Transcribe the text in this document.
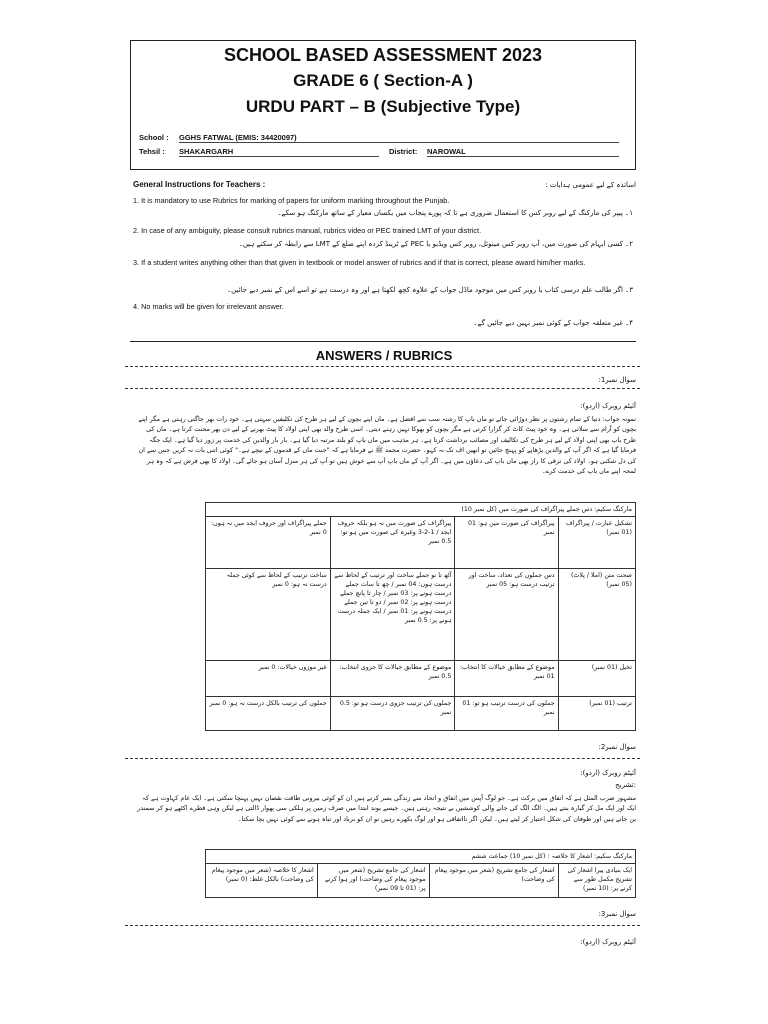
SCHOOL BASED ASSESSMENT 2023
GRADE 6 ( Section-A )
URDU PART – B (Subjective Type)
School : GGHS FATWAL (EMIS: 34420097)
Tehsil : SHAKARGARH	District: NAROWAL
General Instructions for Teachers :	اساتذہ کے لیے عمومی ہدایات :
1. It is mandatory to use Rubrics for marking of papers for uniform marking throughout the Punjab.
۱۔ پیپر کی مارکنگ کے لیے روبر کس کا استعمال ضروری ہے تا کہ پورے پنجاب میں یکساں معیار کے ساتھ مارکنگ ہو سکے۔
2. In case of any ambiguity, please consult rubrics manual, rubrics video or PEC trained LMT of your district.
۲۔ کسی ابہام کی صورت میں، آپ روبر کس مینوئل، روبر کس ویڈیو یا PEC کے ٹرینڈ کردہ اپنے ضلع کے LMT سے رابطہ کر سکتے ہیں۔
3. If a student writes anything other than that given in textbook or model answer of rubrics and if that is correct, please award him/her marks.
۳۔ اگر طالب علم درسی کتاب یا روبر کس میں موجود ماڈل جواب کے علاوہ کچھ لکھتا ہے اور وہ درست ہے تو اسے اس کے نمبر دیے جائیں۔
4. No marks will be given for irrelevant answer.
۴۔ غیر متعلقہ جواب کے کوئی نمبر نہیں دیے جائیں گے۔
ANSWERS / RUBRICS
سوال نمبر1:
آئیٹم روبرک (اردو):
نمونہ جواب: دنیا کے تمام رشتوں پر نظر دوڑائی جائے تو ماں باپ کا رشتہ سب سے افضل ہے۔ ماں اپنے بچوں کے لیے ہر طرح کی تکلیفیں سہتی ہے۔ خود رات بھر جاگتی رہتی ہے مگر اپنے بچوں کو آرام سے سلاتی ہے۔ وہ خود پیٹ کاٹ کر گزارا کرتی ہے مگر بچوں کو بھوکا نہیں رہنے دیتی۔ اسی طرح والد بھی اپنی اولاد کا پیٹ بھرنے کے لیے دن بھر محنت کرتا ہے۔ ماں کی طرح باپ بھی اپنی اولاد کے لیے ہر طرح کی تکالیف اور مصائب برداشت کرتا ہے۔ ہر مذہب میں ماں باپ کو بلند مرتبہ دیا گیا ہے۔ بار بار والدین کی خدمت پر زور دیا گیا ہے۔ ایک جگہ فرمایا گیا ہے کہ اگر آپ کے والدین بڑھاپے کو پہنچ جائیں تو انھیں اف تک نہ کہو۔ حضرت محمد ﷺ نے فرمایا ہے کہ "جنت ماں کے قدموں کے نیچے ہے۔" کوئی اتنی بات نہ کریں جس سے ان کی دل شکنی ہو۔ اولاد کی ترقی کا راز بھی ماں باپ کی دعاؤں میں ہے۔ اگر آپ کے ماں باپ آپ سے خوش ہیں تو آپ کی ہر منزل آسان ہو جائے گی۔ اولاد کا بھی فرض ہے کہ وہ ہر لمحہ اپنے ماں باپ کی خدمت کرے۔
مارکنگ سکیم: دس جملے پیراگراف کی صورت میں (کل نمبر 10)			
تشکیل عبارت / پیراگراف (01 نمبر)	پیراگراف کی صورت میں ہو: 01 نمبر	پیراگراف کی صورت میں نہ ہو بلکہ حروف ابجد / 1-2-3 وغیرہ کی صورت میں ہو تو: 0.5 نمبر	جملے پیراگراف اور حروف ابجد میں نہ ہوں: 0 نمبر
صحت متن (املا / پلاٹ) (05 نمبر)	دس جملوں کی تعداد، ساخت اور ترتیب درست ہو: 05 نمبر	آٹھ تا نو جملے ساخت اور ترتیب کے لحاظ سے درست ہوں: 04 نمبر / چھ تا سات جملے درست ہونے پر: 03 نمبر / چار تا پانچ جملے درست ہونے پر: 02 نمبر / دو تا تین جملے درست ہونے پر: 01 نمبر / ایک جملہ درست ہونے پر: 0.5 نمبر	ساخت ترتیب کے لحاظ سے کوئی جملہ درست نہ ہو: 0 نمبر
تخیل (01 نمبر)	موضوع کے مطابق خیالات کا انتخاب: 01 نمبر	موضوع کے مطابق خیالات کا جزوی انتخاب: 0.5 نمبر	غیر موزوں خیالات: 0 نمبر
ترتیب (01 نمبر)	جملوں کی درست ترتیب ہو تو: 01 نمبر	جملوں کی ترتیب جزوی درست ہو تو: 0.5 نمبر	جملوں کی ترتیب بالکل درست نہ ہو: 0 نمبر
سوال نمبر2:
آئیٹم روبرک (اردو):
:تشریح
مشہور ضرب المثل ہے کہ اتفاق میں برکت ہے۔ جو لوگ آپس میں اتفاق و اتحاد سے زندگی بسر کرتے ہیں ان کو کوئی بیرونی طاقت نقصان نہیں پہنچا سکتی ہے۔ ایک عام کہاوت ہے کہ ایک اور ایک مل کر گیارہ بنتے ہیں۔ الگ الگ کی جانے والی کوششیں بے نتیجہ رہتی ہیں۔ جیسے بوند ابتدا میں صرف زمین پر ہلکی سی پھوار ڈالتی ہے لیکن وہی قطرے اکٹھے ہو کر سمندر بن جاتے ہیں اور طوفان کی شکل اختیار کر لیتے ہیں۔ لیکن اگر نااتفاقی ہو اور لوگ بکھرے رہیں تو ان کو برباد اور تباہ ہونے سے کوئی نہیں بچا سکتا۔
مارکنگ سکیم: اشعار کا خلاصہ : (کل نمبر 10) جماعت ششم
ایک بنیادی پیرا اشعار کی تشریح مکمل طور سے کرنے پر: (10 نمبر)	اشعار کی جامع تشریح (شعر میں موجود پیغام کی وضاحت)	اشعار کی جامع تشریح (شعر میں موجود پیغام کی وضاحت) اور ہوا کرنے پر: (01 تا 09 نمبر)	اشعار کا خلاصہ (شعر میں موجود پیغام کی وضاحت) بالکل غلط: (0 نمبر)
سوال نمبر3:
آئیٹم روبرک (اردو):
